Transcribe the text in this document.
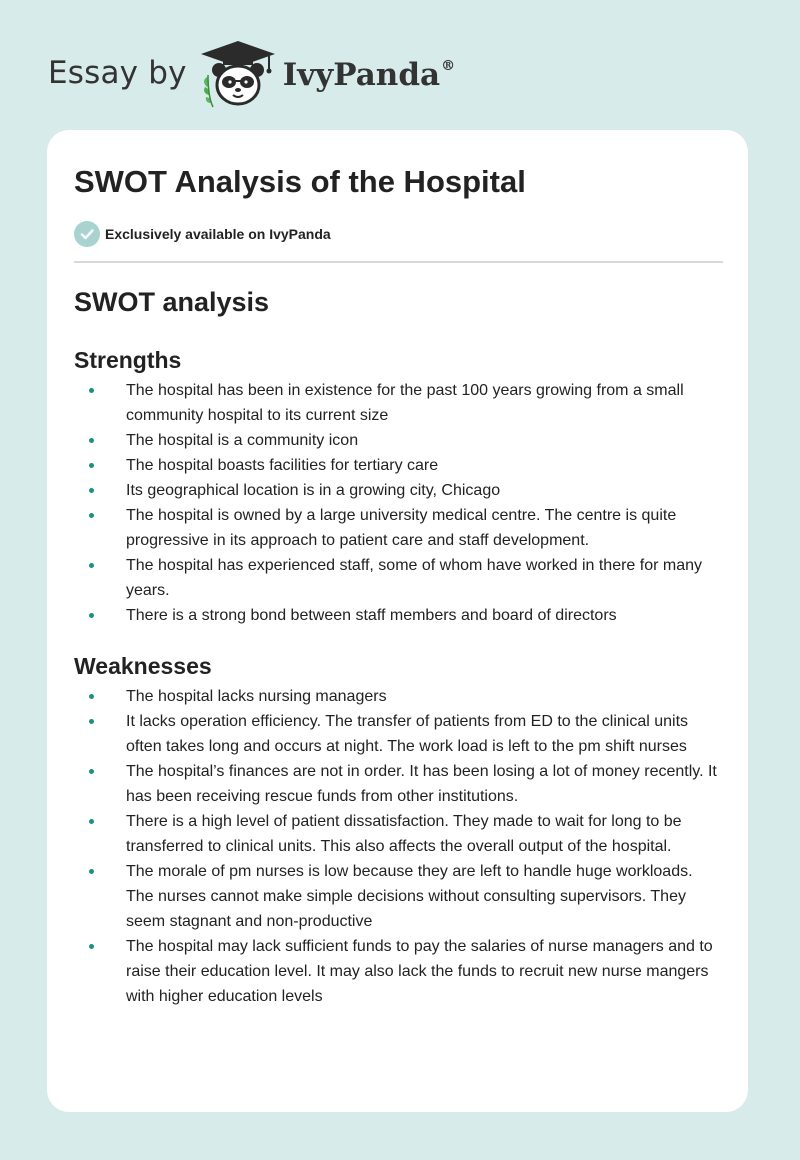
Essay by	IvyPanda®
SWOT Analysis of the Hospital
Exclusively available on IvyPanda
SWOT analysis
Strengths
The hospital has been in existence for the past 100 years growing from a small community hospital to its current size
The hospital is a community icon
The hospital boasts facilities for tertiary care
Its geographical location is in a growing city, Chicago
The hospital is owned by a large university medical centre. The centre is quite progressive in its approach to patient care and staff development.
The hospital has experienced staff, some of whom have worked in there for many years.
There is a strong bond between staff members and board of directors
Weaknesses
The hospital lacks nursing managers
It lacks operation efficiency. The transfer of patients from ED to the clinical units often takes long and occurs at night. The work load is left to the pm shift nurses
The hospital’s finances are not in order. It has been losing a lot of money recently. It has been receiving rescue funds from other institutions.
There is a high level of patient dissatisfaction. They made to wait for long to be transferred to clinical units. This also affects the overall output of the hospital.
The morale of pm nurses is low because they are left to handle huge workloads. The nurses cannot make simple decisions without consulting supervisors. They seem stagnant and non-productive
The hospital may lack sufficient funds to pay the salaries of nurse managers and to raise their education level. It may also lack the funds to recruit new nurse mangers with higher education levels
